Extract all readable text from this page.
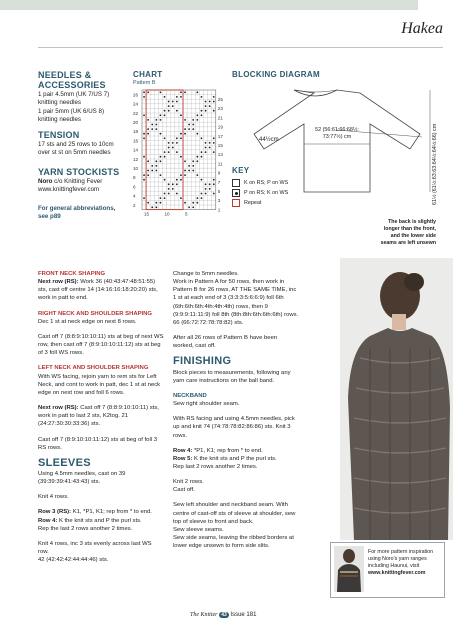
Hakea
NEEDLES & ACCESSORIES
1 pair 4.5mm (UK 7/US 7)
knitting needles
1 pair 5mm (UK 6/US 8)
knitting needles
TENSION
17 sts and 25 rows to 10cm
over st st on 5mm needles
YARN STOCKISTS
Noro c/o Knitting Fever
www.knittingfever.com
For general abbreviations,
see p89
CHART
Pattern B
26
24
22
20
18
16
14
12
10
8
6
4
2
25
23
21
19
17
15
13
11
9
7
5
3
1
15	10	5
BLOCKING DIAGRAM
44½cm
52 (56:61:66:68½:
73:77½) cm	61½ (61½:63:63:64½:64½:66) cm
The back is slightly
longer than the front,
and the lower side
seams are left unsewn
KEY
K on RS; P on WS
P on RS; K on WS
Repeat

FRONT NECK SHAPING

Next row (RS): Work 36 (40:43:47:48:51:55) sts, cast off centre 14 (14:16:16:18:20:20) sts, work in patt to end.

RIGHT NECK AND SHOULDER SHAPING

Dec 1 st at neck edge on next 8 rows.

Cast off 7 (8:8:9:10:10:11) sts at beg of next WS row, then cast off 7 (8:9:10:10:11:12) sts at beg of 3 foll WS rows.

LEFT NECK AND SHOULDER SHAPING

With WS facing, rejoin yarn to rem sts for Left Neck, and cont to work in patt, dec 1 st at neck edge on next row and foll 6 rows.

Next row (RS): Cast off 7 (8:8:9:10:10:11) sts, work in patt to last 2 sts, K2tog. 21 (24:27:30:30:33:36) sts.

Cast off 7 (8:9:10:10:11:12) sts at beg of foll 3 RS rows.

SLEEVES

Using 4.5mm needles, cast on 39 (39:39:39:41:43:43) sts.

Knit 4 rows.

Row 3 (RS): K1, *P1, K1; rep from * to end.

Row 4: K the knit sts and P the purl sts.

Rep the last 2 rows another 2 times.

Knit 4 rows, inc 3 sts evenly across last WS row.

42 (42:42:42:44:44:46) sts.

Change to 5mm needles.

Work in Pattern A for 50 rows, then work in Pattern B for 26 rows, AT THE SAME TIME, inc 1 st at each end of 3 (3:3:3:5:6:6:9) foll 6th (6th:6th:6th:4th:4th:4th) rows, then 9 (9:9:9:11:11:9) foll 8th (8th:8th:6th:6th:6th) rows.

66 (66:72:72:78:78:82) sts.

After all 26 rows of Pattern B have been worked, cast off.

FINISHING

Block pieces to measurements, following any yarn care instructions on the ball band.

NECKBAND

Sew right shoulder seam.

With RS facing and using 4.5mm needles, pick up and knit 74 (74:78:78:82:86:86) sts. Knit 3 rows.

Row 4: *P1, K1; rep from * to end.

Row 5: K the knit sts and P the purl sts.

Rep last 2 rows another 2 times.

Knit 2 rows.

Cast off.

Sew left shoulder and neckband seam. With centre of cast-off sts of sleeve at shoulder, sew top of sleeve to front and back.

Sew sleeve seams.

Sew side seams, leaving the ribbed borders at lower edge unsewn to form side slits.

For more pattern inspiration
using Noro's yarn ranges
including Haunui, visit
www.knittingfever.com
The Knitter 43 Issue 181
